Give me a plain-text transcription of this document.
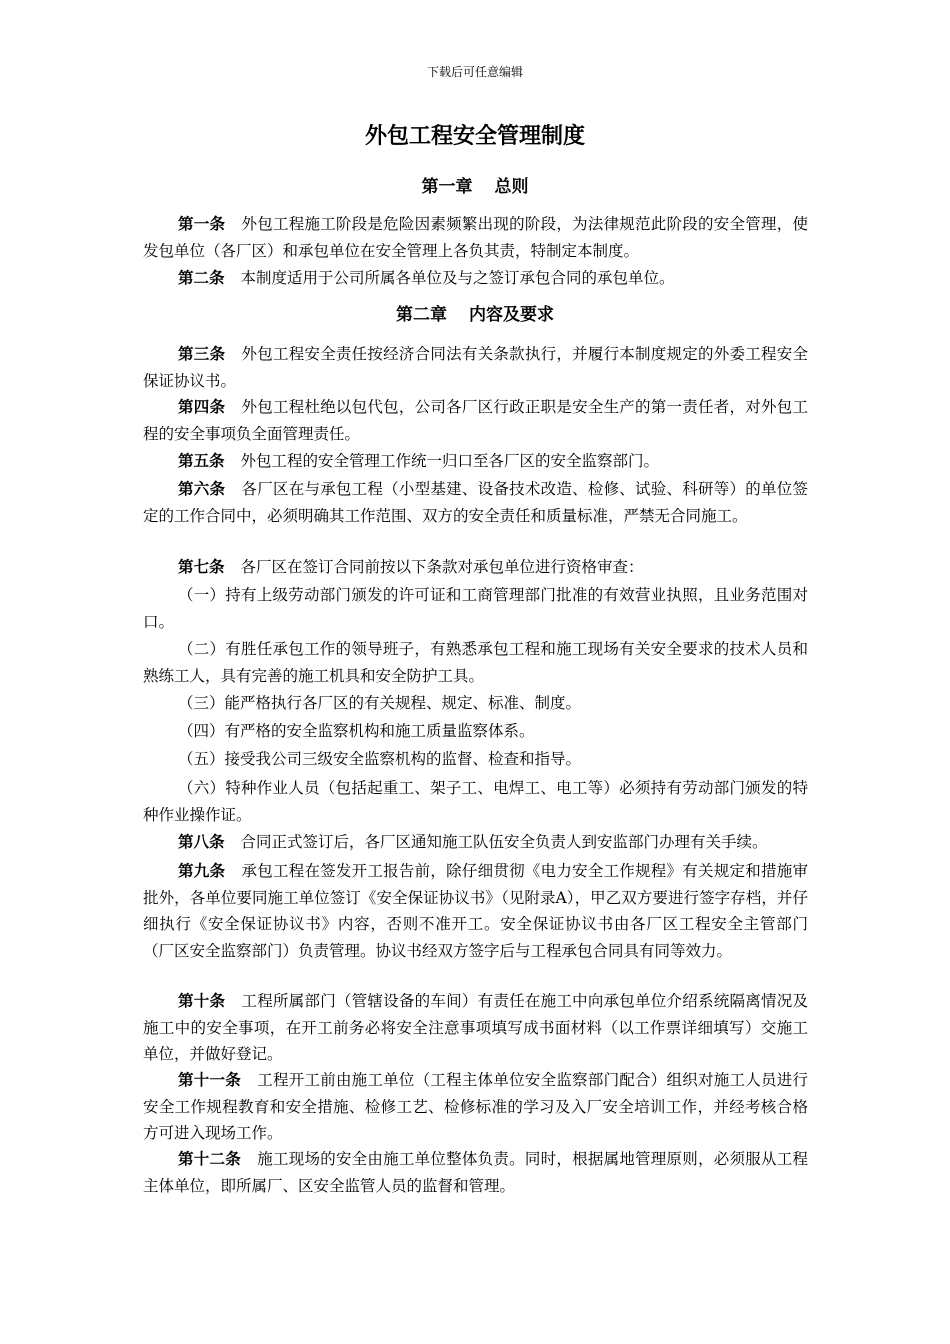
下载后可任意编辑
外包工程安全管理制度
第一章 总则

第一条 外包工程施工阶段是危险因素频繁出现的阶段，为法律规范此阶段的安全管理，使发包单位（各厂区）和承包单位在安全管理上各负其责，特制定本制度。

第二条 本制度适用于公司所属各单位及与之签订承包合同的承包单位。

第二章 内容及要求

第三条 外包工程安全责任按经济合同法有关条款执行，并履行本制度规定的外委工程安全保证协议书。

第四条 外包工程杜绝以包代包，公司各厂区行政正职是安全生产的第一责任者，对外包工程的安全事项负全面管理责任。

第五条 外包工程的安全管理工作统一归口至各厂区的安全监察部门。

第六条 各厂区在与承包工程（小型基建、设备技术改造、检修、试验、科研等）的单位签定的工作合同中，必须明确其工作范围、双方的安全责任和质量标准，严禁无合同施工。

第七条 各厂区在签订合同前按以下条款对承包单位进行资格审查：

（一）持有上级劳动部门颁发的许可证和工商管理部门批准的有效营业执照，且业务范围对口。

（二）有胜任承包工作的领导班子，有熟悉承包工程和施工现场有关安全要求的技术人员和熟练工人，具有完善的施工机具和安全防护工具。

（三）能严格执行各厂区的有关规程、规定、标准、制度。

（四）有严格的安全监察机构和施工质量监察体系。

（五）接受我公司三级安全监察机构的监督、检查和指导。

（六）特种作业人员（包括起重工、架子工、电焊工、电工等）必须持有劳动部门颁发的特种作业操作证。

第八条 合同正式签订后，各厂区通知施工队伍安全负责人到安监部门办理有关手续。

第九条 承包工程在签发开工报告前，除仔细贯彻《电力安全工作规程》有关规定和措施审批外，各单位要同施工单位签订《安全保证协议书》（见附录A），甲乙双方要进行签字存档，并仔细执行《安全保证协议书》内容，否则不准开工。安全保证协议书由各厂区工程安全主管部门（厂区安全监察部门）负责管理。协议书经双方签字后与工程承包合同具有同等效力。

第十条 工程所属部门（管辖设备的车间）有责任在施工中向承包单位介绍系统隔离情况及施工中的安全事项，在开工前务必将安全注意事项填写成书面材料（以工作票详细填写）交施工单位，并做好登记。

第十一条 工程开工前由施工单位（工程主体单位安全监察部门配合）组织对施工人员进行安全工作规程教育和安全措施、检修工艺、检修标准的学习及入厂安全培训工作，并经考核合格方可进入现场工作。

第十二条 施工现场的安全由施工单位整体负责。同时，根据属地管理原则，必须服从工程主体单位，即所属厂、区安全监管人员的监督和管理。
